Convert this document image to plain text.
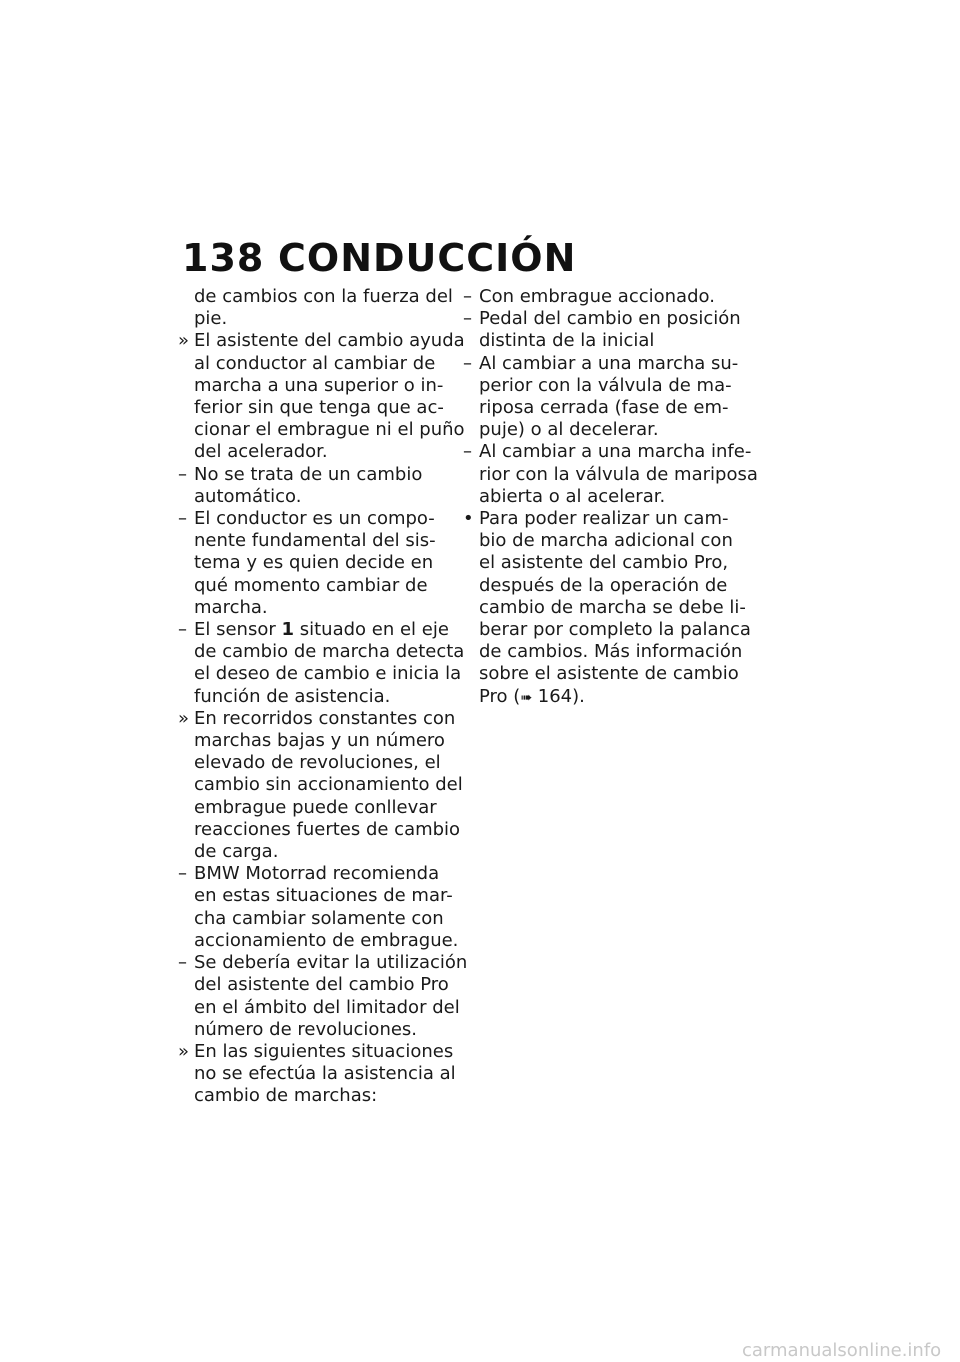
138 CONDUCCIÓN
de cambios con la fuerza del
pie.
» El asistente del cambio ayuda
al conductor al cambiar de
marcha a una superior o in-
ferior sin que tenga que ac-
cionar el embrague ni el puño
del acelerador.
– No se trata de un cambio
automático.
– El conductor es un compo-
nente fundamental del sis-
tema y es quien decide en
qué momento cambiar de
marcha.
– El sensor 1 situado en el eje
de cambio de marcha detecta
el deseo de cambio e inicia la
función de asistencia.
» En recorridos constantes con
marchas bajas y un número
elevado de revoluciones, el
cambio sin accionamiento del
embrague puede conllevar
reacciones fuertes de cambio
de carga.
– BMW Motorrad recomienda
en estas situaciones de mar-
cha cambiar solamente con
accionamiento de embrague.
– Se debería evitar la utilización
del asistente del cambio Pro
en el ámbito del limitador del
número de revoluciones.
» En las siguientes situaciones
no se efectúa la asistencia al
cambio de marchas:
– Con embrague accionado.
– Pedal del cambio en posición
distinta de la inicial
– Al cambiar a una marcha su-
perior con la válvula de ma-
riposa cerrada (fase de em-
puje) o al decelerar.
– Al cambiar a una marcha infe-
rior con la válvula de mariposa
abierta o al acelerar.
• Para poder realizar un cam-
bio de marcha adicional con
el asistente del cambio Pro,
después de la operación de
cambio de marcha se debe li-
berar por completo la palanca
de cambios. Más información
sobre el asistente de cambio
Pro (➠ 164).
carmanualsonline.info
